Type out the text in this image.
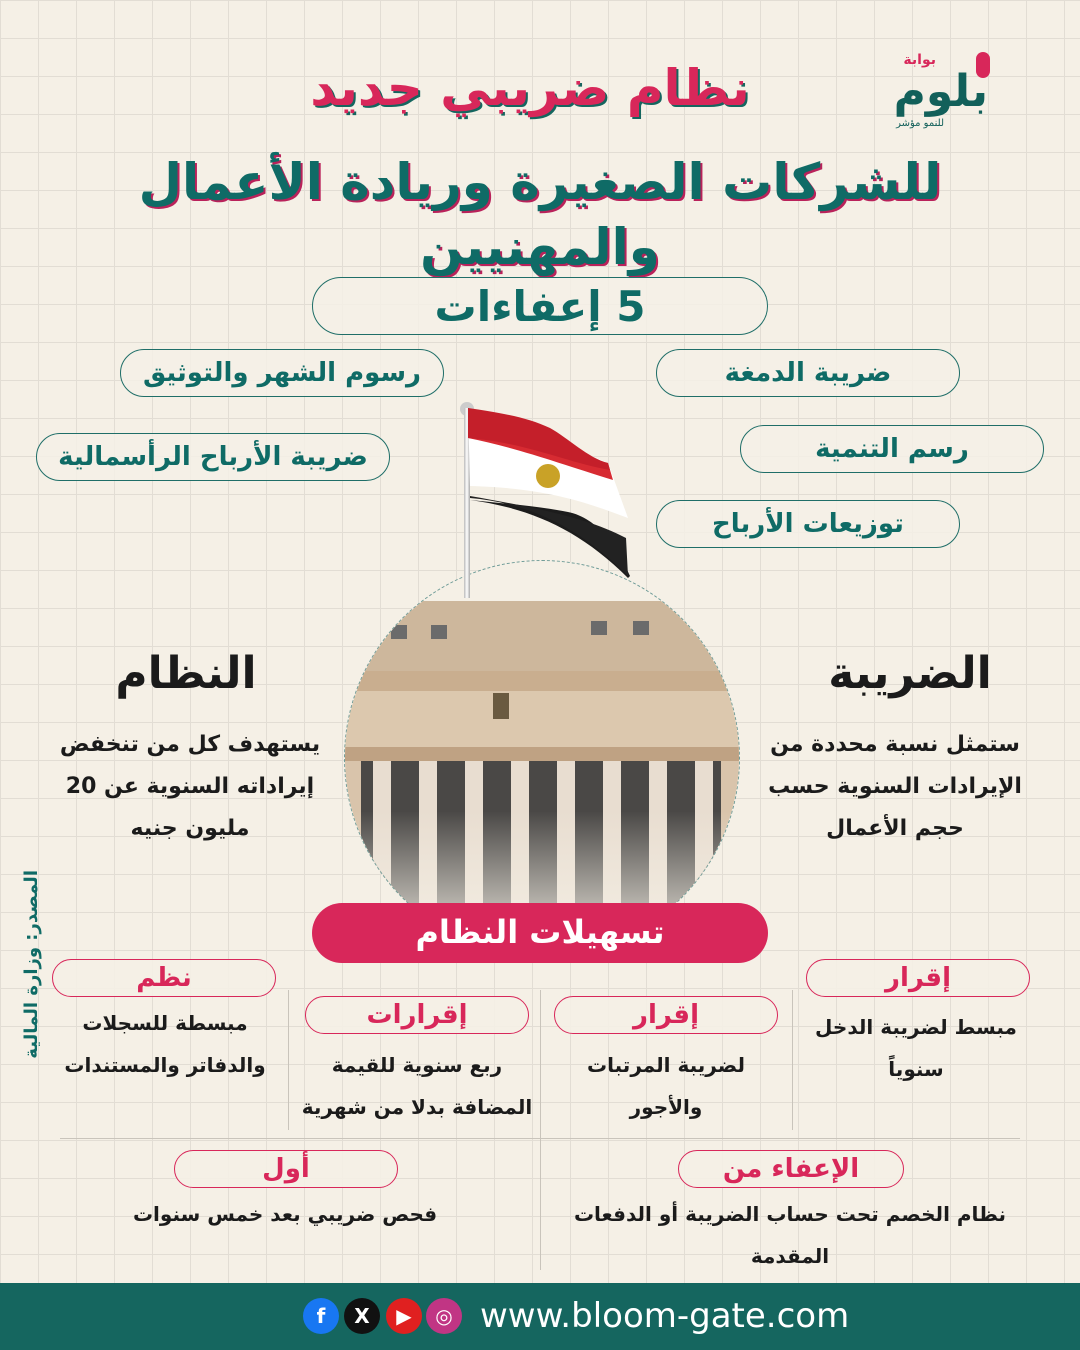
بوابة
بلوم
للنمو مؤشر
نظام ضريبي جديد
للشركات الصغيرة وريادة الأعمال والمهنيين
5 إعفاءات
ضريبة الدمغة
رسوم الشهر والتوثيق
رسم التنمية
ضريبة الأرباح الرأسمالية
توزيعات الأرباح
الضريبة
ستمثل نسبة محددة من
الإيرادات السنوية حسب
حجم الأعمال
النظام
يستهدف كل من تنخفض
إيراداته السنوية عن 20
مليون جنيه
تسهيلات النظام
إقرار
مبسط لضريبة الدخل
سنوياً
إقرار
لضريبة المرتبات
والأجور
إقرارات
ربع سنوية للقيمة
المضافة بدلا من شهرية
نظم
مبسطة للسجلات
والدفاتر والمستندات
الإعفاء من
نظام الخصم تحت حساب الضريبة أو الدفعات
المقدمة
أول
فحص ضريبي بعد خمس سنوات
المصدر: وزارة المالية
www.bloom-gate.com
◎
▶
X
f
